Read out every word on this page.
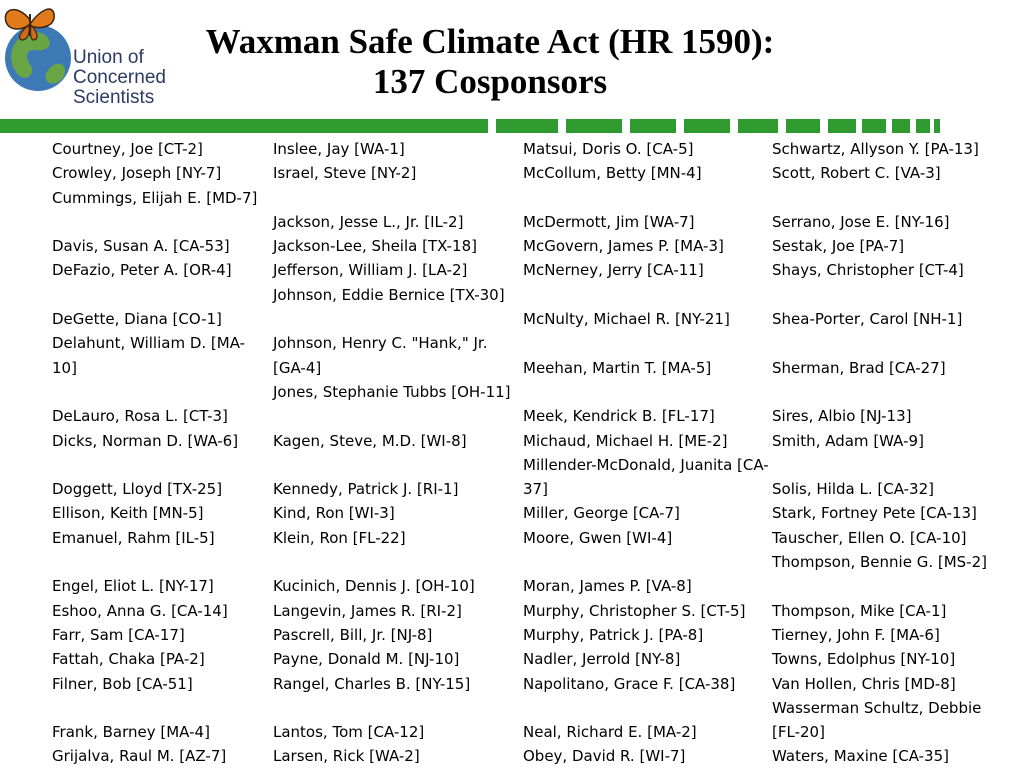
Union of
Concerned
Scientists
Waxman Safe Climate Act (HR 1590):
137 Cosponsors
Courtney, Joe [CT-2]
Crowley, Joseph [NY-7]
Cummings, Elijah E. [MD-7]
Davis, Susan A. [CA-53]
DeFazio, Peter A. [OR-4]
DeGette, Diana [CO-1]
Delahunt, William D. [MA-10]
DeLauro, Rosa L. [CT-3]
Dicks, Norman D. [WA-6]
Doggett, Lloyd [TX-25]
Ellison, Keith [MN-5]
Emanuel, Rahm [IL-5]
Engel, Eliot L. [NY-17]
Eshoo, Anna G. [CA-14]
Farr, Sam [CA-17]
Fattah, Chaka [PA-2]
Filner, Bob [CA-51]
Frank, Barney [MA-4]
Grijalva, Raul M. [AZ-7]
Inslee, Jay [WA-1]
Israel, Steve [NY-2]
Jackson, Jesse L., Jr. [IL-2]
Jackson-Lee, Sheila [TX-18]
Jefferson, William J. [LA-2]
Johnson, Eddie Bernice [TX-30]
Johnson, Henry C. "Hank," Jr. [GA-4]
Jones, Stephanie Tubbs [OH-11]
Kagen, Steve, M.D. [WI-8]
Kennedy, Patrick J. [RI-1]
Kind, Ron [WI-3]
Klein, Ron [FL-22]
Kucinich, Dennis J. [OH-10]
Langevin, James R. [RI-2]
Pascrell, Bill, Jr. [NJ-8]
Payne, Donald M. [NJ-10]
Rangel, Charles B. [NY-15]
Lantos, Tom [CA-12]
Larsen, Rick [WA-2]
Matsui, Doris O. [CA-5]
McCollum, Betty [MN-4]
McDermott, Jim [WA-7]
McGovern, James P. [MA-3]
McNerney, Jerry [CA-11]
McNulty, Michael R. [NY-21]
Meehan, Martin T. [MA-5]
Meek, Kendrick B. [FL-17]
Michaud, Michael H. [ME-2]
Millender-McDonald, Juanita [CA-37]
Miller, George [CA-7]
Moore, Gwen [WI-4]
Moran, James P. [VA-8]
Murphy, Christopher S. [CT-5]
Murphy, Patrick J. [PA-8]
Nadler, Jerrold [NY-8]
Napolitano, Grace F. [CA-38]
Neal, Richard E. [MA-2]
Obey, David R. [WI-7]
Schwartz, Allyson Y. [PA-13]
Scott, Robert C. [VA-3]
Serrano, Jose E. [NY-16]
Sestak, Joe [PA-7]
Shays, Christopher [CT-4]
Shea-Porter, Carol [NH-1]
Sherman, Brad [CA-27]
Sires, Albio [NJ-13]
Smith, Adam [WA-9]
Solis, Hilda L. [CA-32]
Stark, Fortney Pete [CA-13]
Tauscher, Ellen O. [CA-10]
Thompson, Bennie G. [MS-2]
Thompson, Mike [CA-1]
Tierney, John F. [MA-6]
Towns, Edolphus [NY-10]
Van Hollen, Chris [MD-8]
Wasserman Schultz, Debbie [FL-20]
Waters, Maxine [CA-35]
